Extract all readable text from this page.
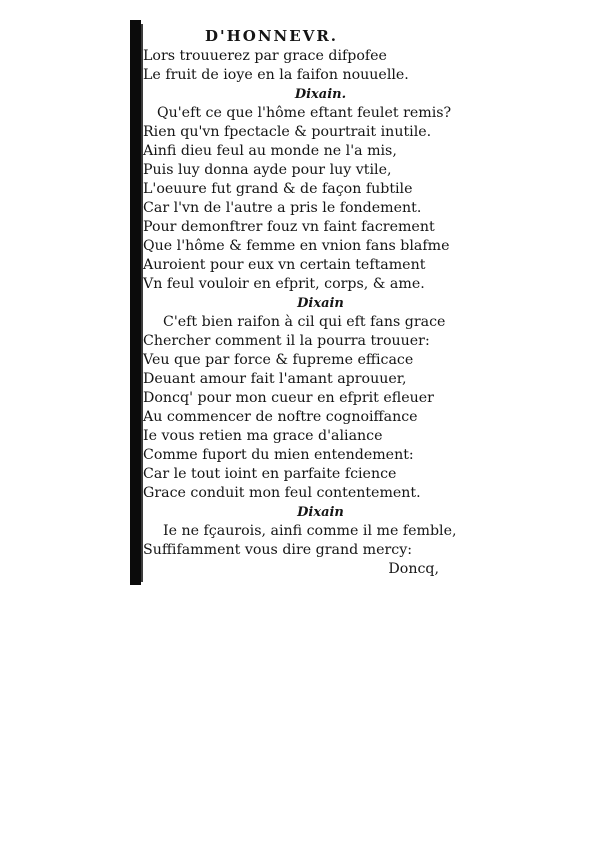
D'HONNEVR.
Lors trouuerez par grace difpofee
Le fruit de ioye en la faifon nouuelle.
Dixain.
Qu'eft ce que l'hôme eftant feulet remis?
Rien qu'vn fpectacle & pourtrait inutile.
Ainfi dieu feul au monde ne l'a mis,
Puis luy donna ayde pour luy vtile,
L'oeuure fut grand & de façon fubtile
Car l'vn de l'autre a pris le fondement.
Pour demonftrer fouz vn faint facrement
Que l'hôme & femme en vnion fans blafme
Auroient pour eux vn certain teftament
Vn feul vouloir en efprit, corps, & ame.
Dixain
C'eft bien raifon à cil qui eft fans grace
Chercher comment il la pourra trouuer:
Veu que par force & fupreme efficace
Deuant amour fait l'amant aprouuer,
Doncq' pour mon cueur en efprit efleuer
Au commencer de noftre cognoiffance
Ie vous retien ma grace d'aliance
Comme fuport du mien entendement:
Car le tout ioint en parfaite fcience
Grace conduit mon feul contentement.
Dixain
Ie ne fçaurois, ainfi comme il me femble,
Suffifamment vous dire grand mercy:
Doncq,
